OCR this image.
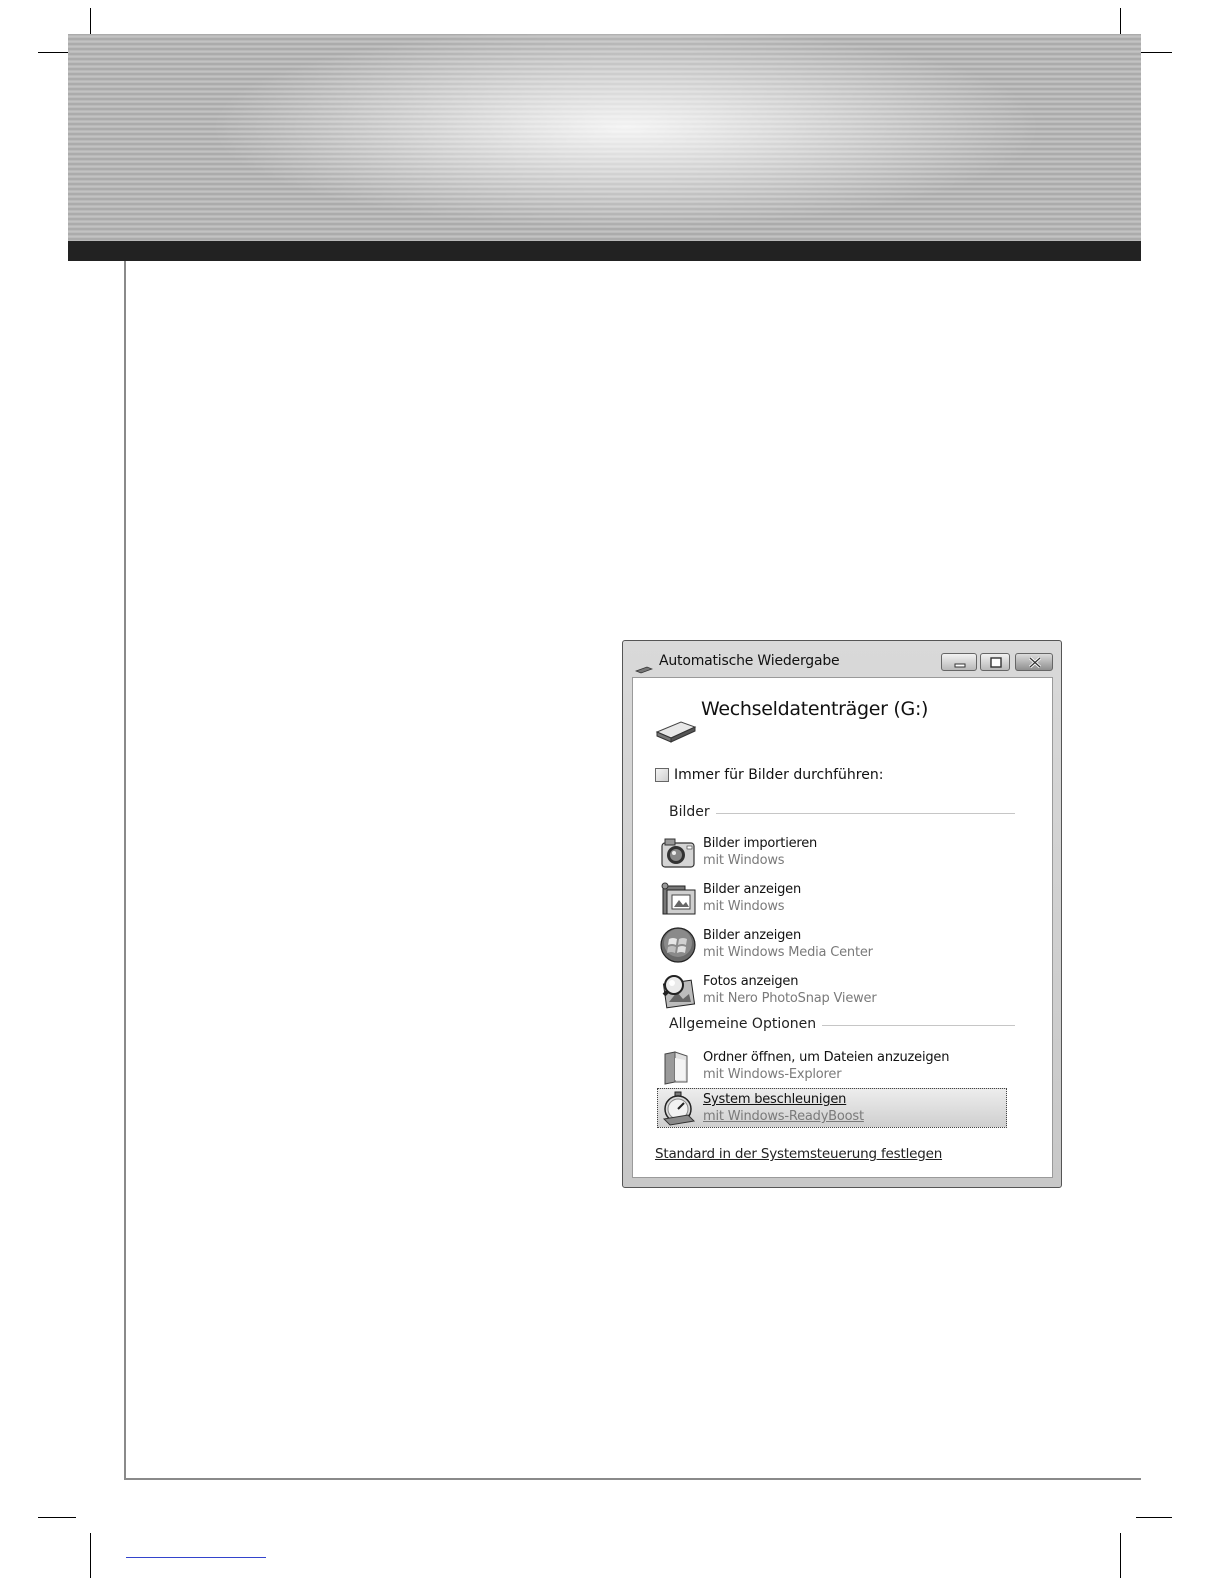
Automatische Wiedergabe
Wechseldatenträger (G:)
Immer für Bilder durchführen:
Bilder
Bilder importieren
mit Windows
Bilder anzeigen
mit Windows
Bilder anzeigen
mit Windows Media Center
Fotos anzeigen
mit Nero PhotoSnap Viewer
Allgemeine Optionen
Ordner öffnen, um Dateien anzuzeigen
mit Windows-Explorer
System beschleunigen
mit Windows-ReadyBoost
Standard in der Systemsteuerung festlegen
